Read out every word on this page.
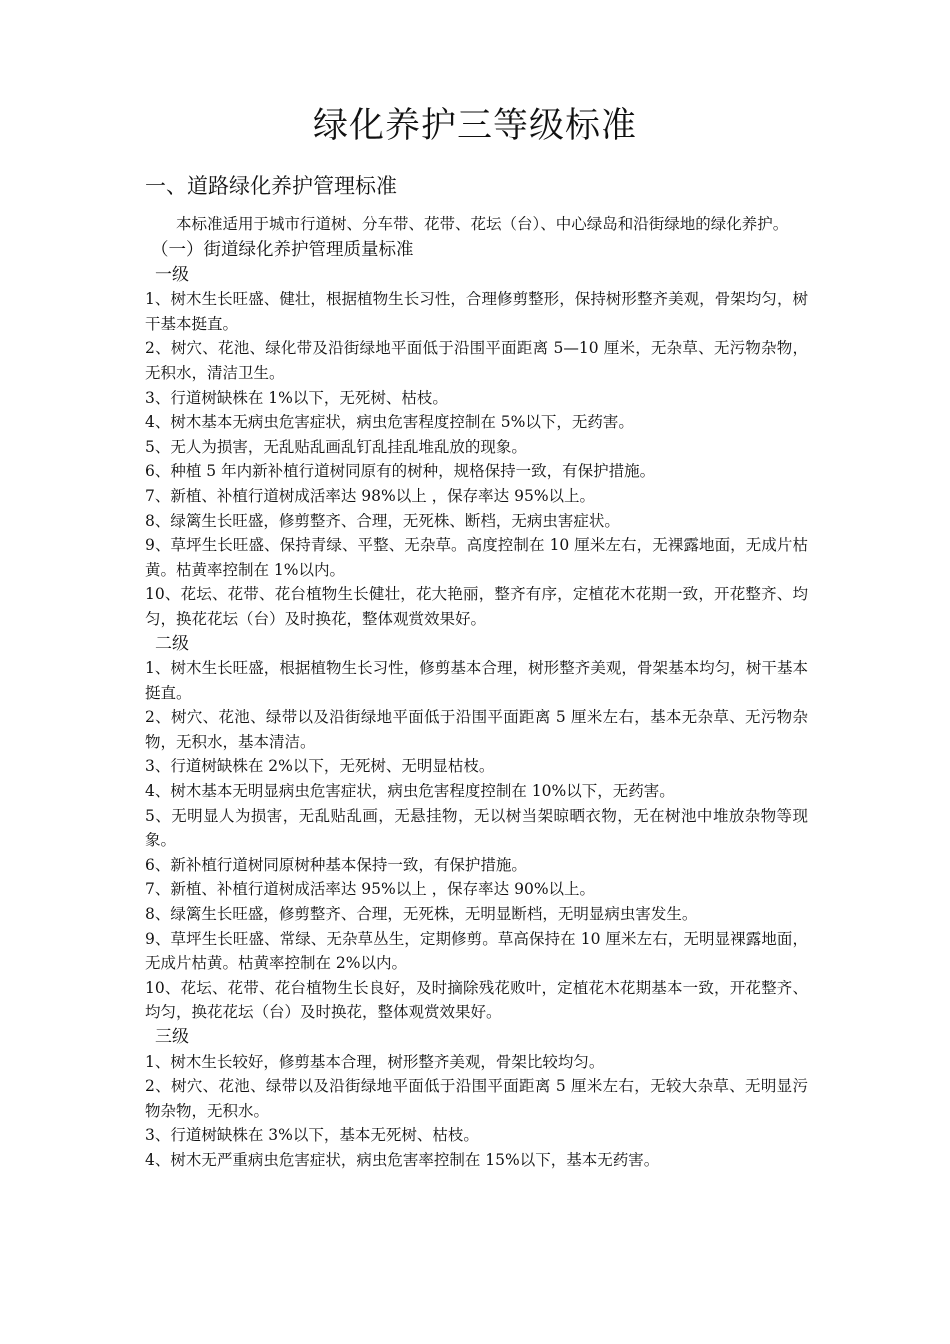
绿化养护三等级标准
一、道路绿化养护管理标准

本标准适用于城市行道树、分车带、花带、花坛（台）、中心绿岛和沿街绿地的绿化养护。

（一）街道绿化养护管理质量标准

一级

1、树木生长旺盛、健壮，根据植物生长习性，合理修剪整形，保持树形整齐美观，骨架均匀，树干基本挺直。

2、树穴、花池、绿化带及沿街绿地平面低于沿围平面距离 5—10 厘米，无杂草、无污物杂物，无积水，清洁卫生。

3、行道树缺株在 1%以下，无死树、枯枝。

4、树木基本无病虫危害症状，病虫危害程度控制在 5%以下，无药害。

5、无人为损害，无乱贴乱画乱钉乱挂乱堆乱放的现象。

6、种植 5 年内新补植行道树同原有的树种，规格保持一致，有保护措施。

7、新植、补植行道树成活率达 98%以上 ，保存率达 95%以上。

8、绿篱生长旺盛，修剪整齐、合理，无死株、断档，无病虫害症状。

9、草坪生长旺盛、保持青绿、平整、无杂草。高度控制在 10 厘米左右，无裸露地面，无成片枯黄。枯黄率控制在 1%以内。

10、花坛、花带、花台植物生长健壮，花大艳丽，整齐有序，定植花木花期一致，开花整齐、均匀，换花花坛（台）及时换花，整体观赏效果好。

二级

1、树木生长旺盛，根据植物生长习性，修剪基本合理，树形整齐美观，骨架基本均匀，树干基本挺直。

2、树穴、花池、绿带以及沿街绿地平面低于沿围平面距离 5 厘米左右，基本无杂草、无污物杂物，无积水，基本清洁。

3、行道树缺株在 2%以下，无死树、无明显枯枝。

4、树木基本无明显病虫危害症状，病虫危害程度控制在 10%以下，无药害。

5、无明显人为损害，无乱贴乱画，无悬挂物，无以树当架晾晒衣物，无在树池中堆放杂物等现象。

6、新补植行道树同原树种基本保持一致，有保护措施。

7、新植、补植行道树成活率达 95%以上 ，保存率达 90%以上。

8、绿篱生长旺盛，修剪整齐、合理，无死株，无明显断档，无明显病虫害发生。

9、草坪生长旺盛、常绿、无杂草丛生，定期修剪。草高保持在 10 厘米左右，无明显裸露地面，无成片枯黄。枯黄率控制在 2%以内。

10、花坛、花带、花台植物生长良好，及时摘除残花败叶，定植花木花期基本一致，开花整齐、均匀，换花花坛（台）及时换花，整体观赏效果好。

三级

1、树木生长较好，修剪基本合理，树形整齐美观，骨架比较均匀。

2、树穴、花池、绿带以及沿街绿地平面低于沿围平面距离 5 厘米左右，无较大杂草、无明显污物杂物，无积水。

3、行道树缺株在 3%以下，基本无死树、枯枝。

4、树木无严重病虫危害症状，病虫危害率控制在 15%以下，基本无药害。
